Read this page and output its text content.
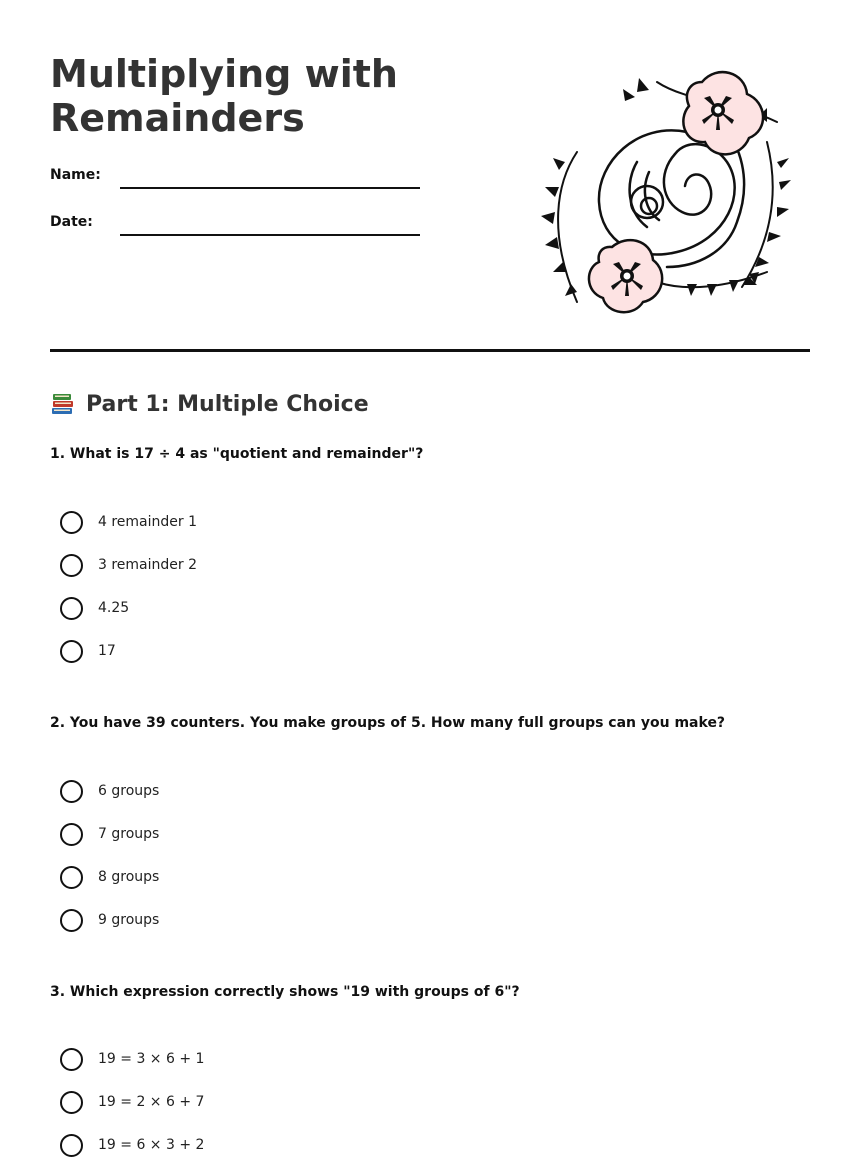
Multiplying with Remainders
Name:
Date:
Part 1: Multiple Choice
1. What is 17 ÷ 4 as "quotient and remainder"?
4 remainder 1
3 remainder 2
4.25
17
2. You have 39 counters. You make groups of 5. How many full groups can you make?
6 groups
7 groups
8 groups
9 groups
3. Which expression correctly shows "19 with groups of 6"?
19 = 3 × 6 + 1
19 = 2 × 6 + 7
19 = 6 × 3 + 2
